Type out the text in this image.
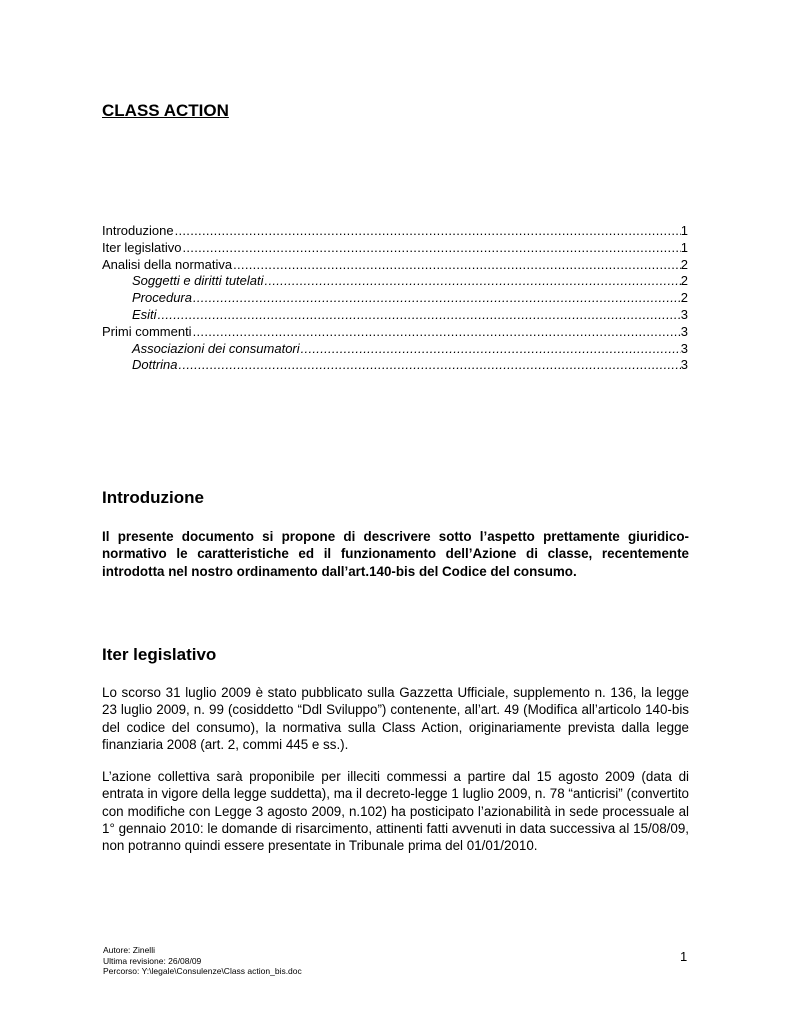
CLASS ACTION
Introduzione .....	1
Iter legislativo .....	1
Analisi della normativa .....	2
Soggetti e diritti tutelati .....	2
Procedura .....	2
Esiti .....	3
Primi commenti .....	3
Associazioni dei consumatori .....	3
Dottrina .....	3
Introduzione

Il presente documento si propone di descrivere sotto l’aspetto prettamente giuridico-normativo le caratteristiche ed il funzionamento dell’Azione di classe, recentemente introdotta nel nostro ordinamento dall’art.140-bis del Codice del consumo.

Iter legislativo

Lo scorso 31 luglio 2009 è stato pubblicato sulla Gazzetta Ufficiale, supplemento n. 136, la legge 23 luglio 2009, n. 99 (cosiddetto “Ddl Sviluppo”) contenente, all’art. 49 (Modifica all’articolo 140-bis del codice del consumo), la normativa sulla Class Action, originariamente prevista dalla legge finanziaria 2008 (art. 2, commi 445 e ss.).

L’azione collettiva sarà proponibile per illeciti commessi a partire dal 15 agosto 2009 (data di entrata in vigore della legge suddetta), ma il decreto-legge 1 luglio 2009, n. 78 “anticrisi” (convertito con modifiche con Legge 3 agosto 2009, n.102) ha posticipato l’azionabilità in sede processuale al 1° gennaio 2010: le domande di risarcimento, attinenti fatti avvenuti in data successiva al 15/08/09, non potranno quindi essere presentate in Tribunale prima del 01/01/2010.

Autore: Zinelli
Ultima revisione: 26/08/09
Percorso: Y:\legale\Consulenze\Class action_bis.doc
1
